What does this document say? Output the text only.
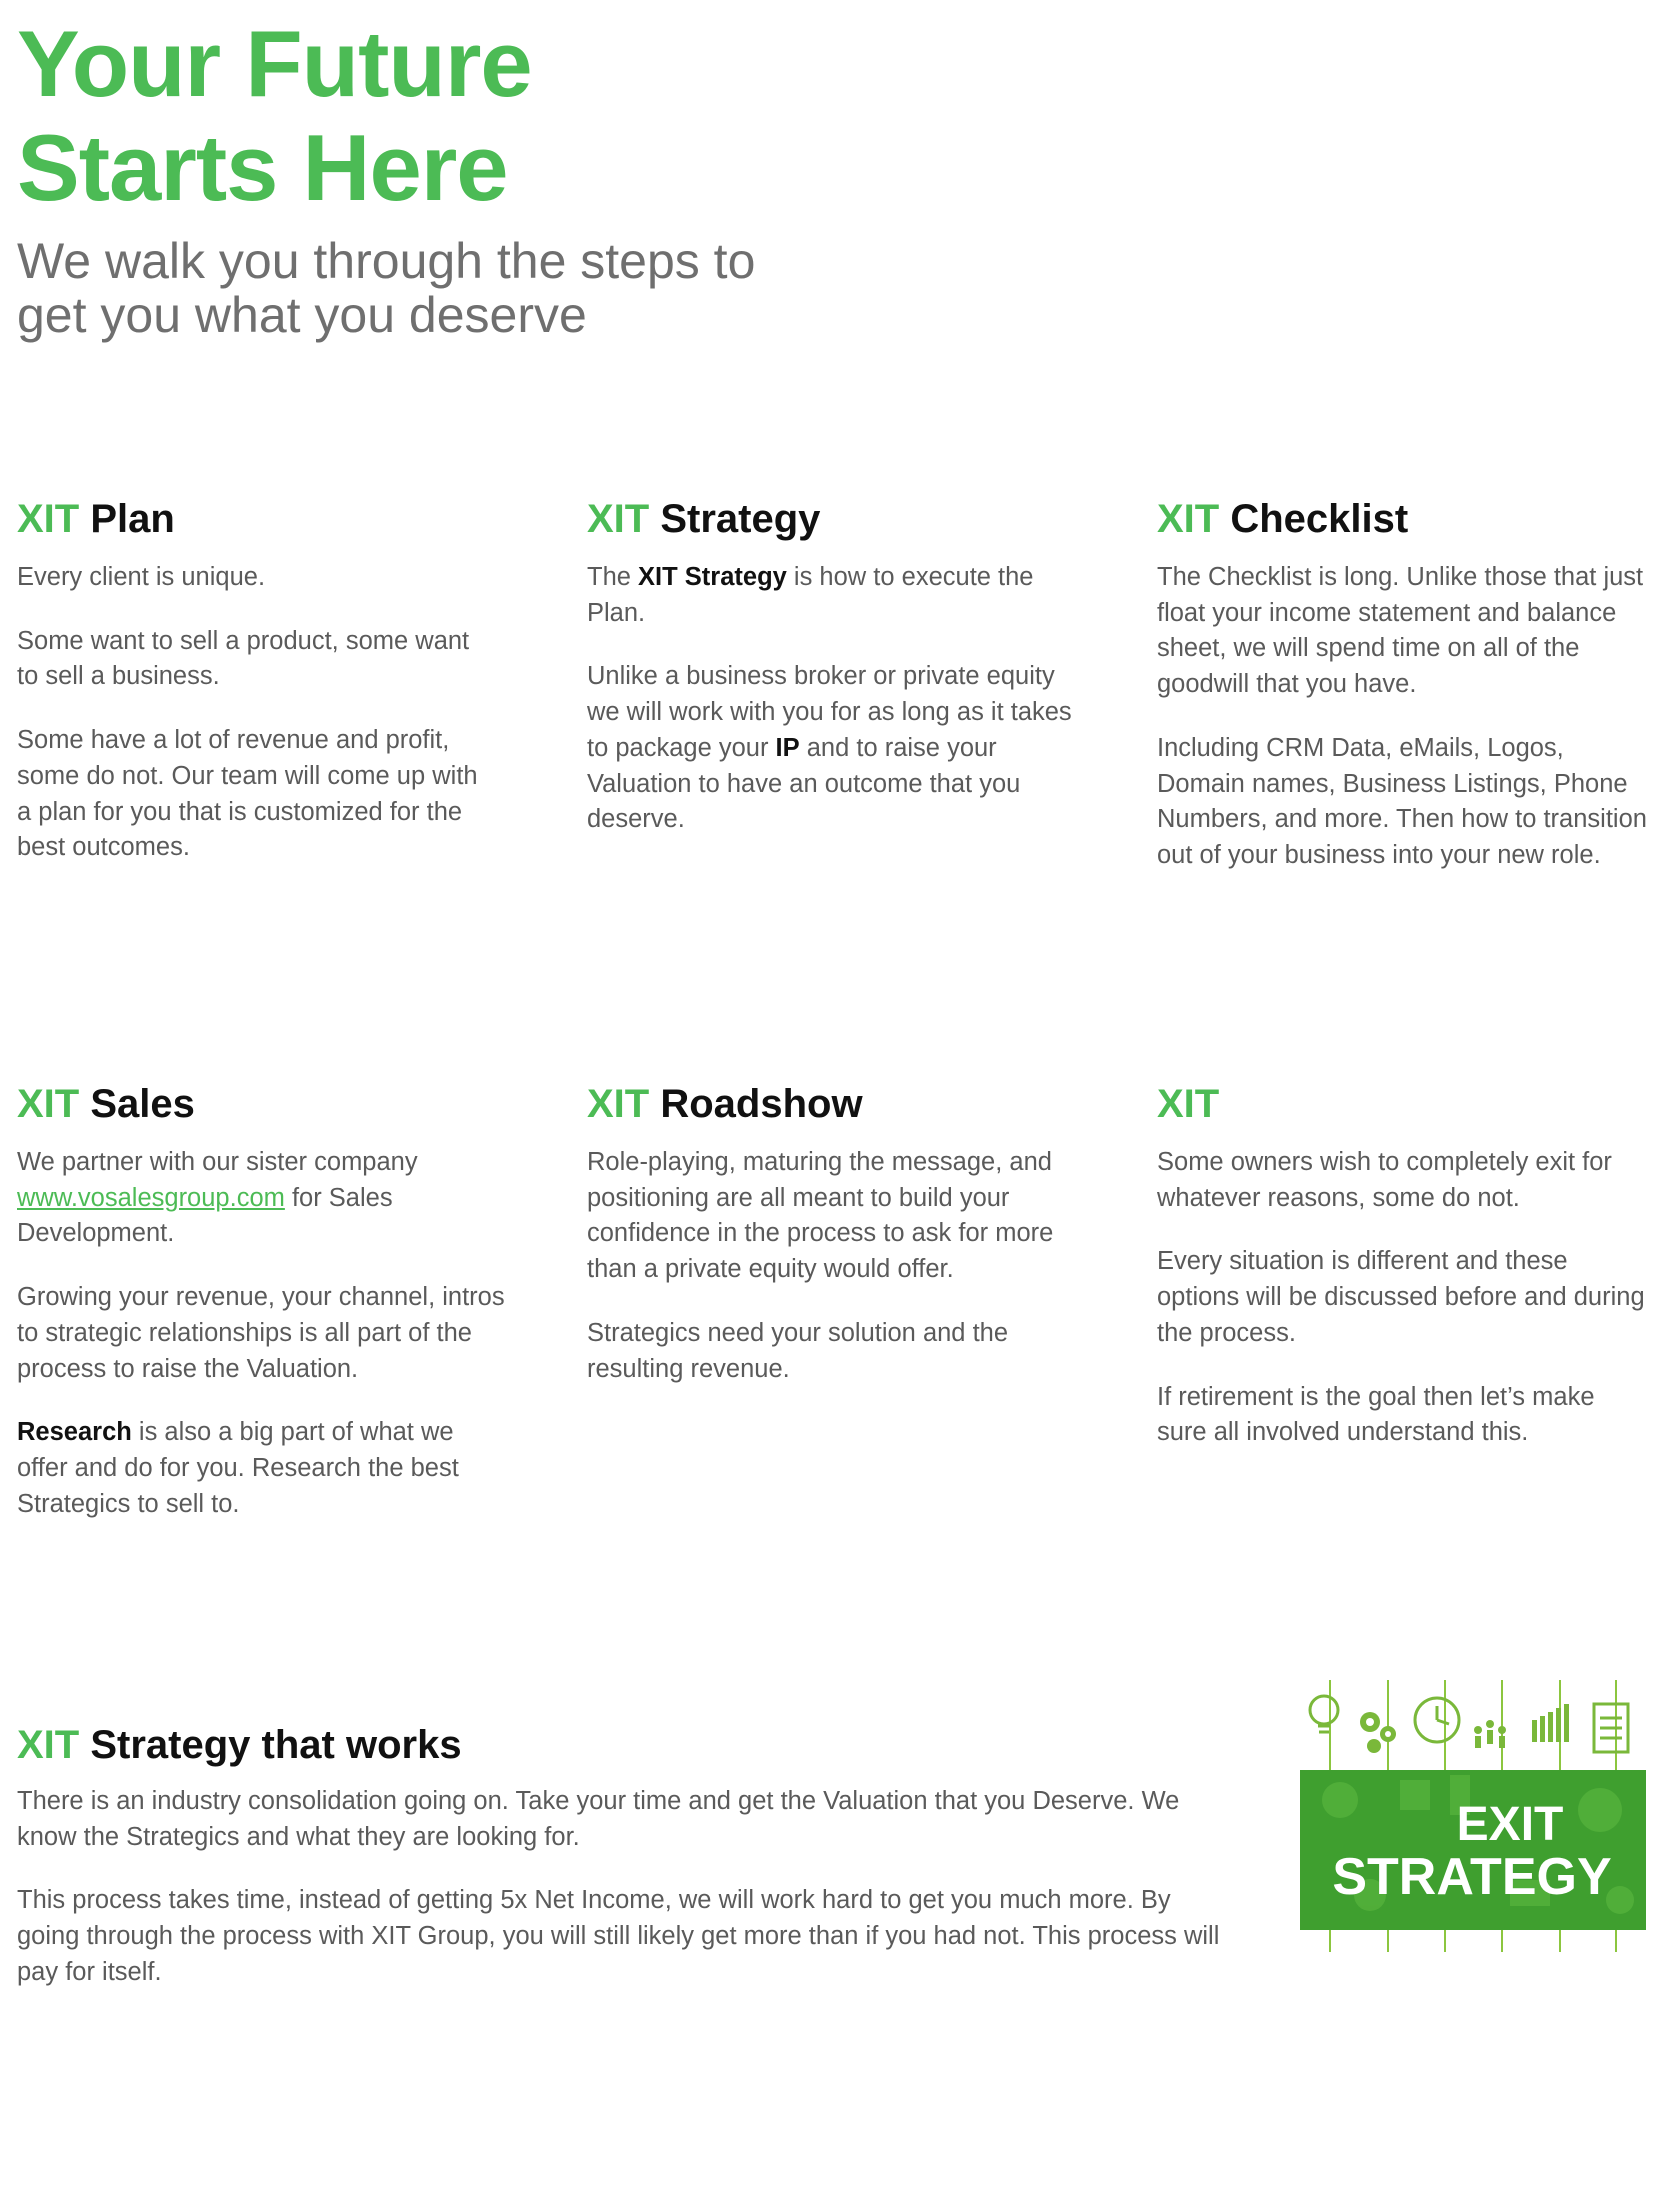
Your Future
Starts Here

We walk you through the steps to
get you what you deserve

XIT Plan

Every client is unique.

Some want to sell a product, some want to sell a business.

Some have a lot of revenue and profit, some do not. Our team will come up with a plan for you that is customized for the best outcomes.

XIT Strategy

The XIT Strategy is how to execute the Plan.

Unlike a business broker or private equity we will work with you for as long as it takes to package your IP and to raise your Valuation to have an outcome that you deserve.

XIT Checklist

The Checklist is long. Unlike those that just float your income statement and balance sheet, we will spend time on all of the goodwill that you have.

Including CRM Data, eMails, Logos, Domain names, Business Listings, Phone Numbers, and more. Then how to transition out of your business into your new role.

XIT Sales

We partner with our sister company www.vosalesgroup.com for Sales Development.

Growing your revenue, your channel, intros to strategic relationships is all part of the process to raise the Valuation.

Research is also a big part of what we offer and do for you. Research the best Strategics to sell to.

XIT Roadshow

Role-playing, maturing the message, and positioning are all meant to build your confidence in the process to ask for more than a private equity would offer.

Strategics need your solution and the resulting revenue.

XIT

Some owners wish to completely exit for whatever reasons, some do not.

Every situation is different and these options will be discussed before and during the process.

If retirement is the goal then let’s make sure all involved understand this.

XIT Strategy that works

There is an industry consolidation going on. Take your time and get the Valuation that you Deserve. We know the Strategics and what they are looking for.

This process takes time, instead of getting 5x Net Income, we will work hard to get you much more. By going through the process with XIT Group, you will still likely get more than if you had not. This process will pay for itself.

EXIT
STRATEGY
